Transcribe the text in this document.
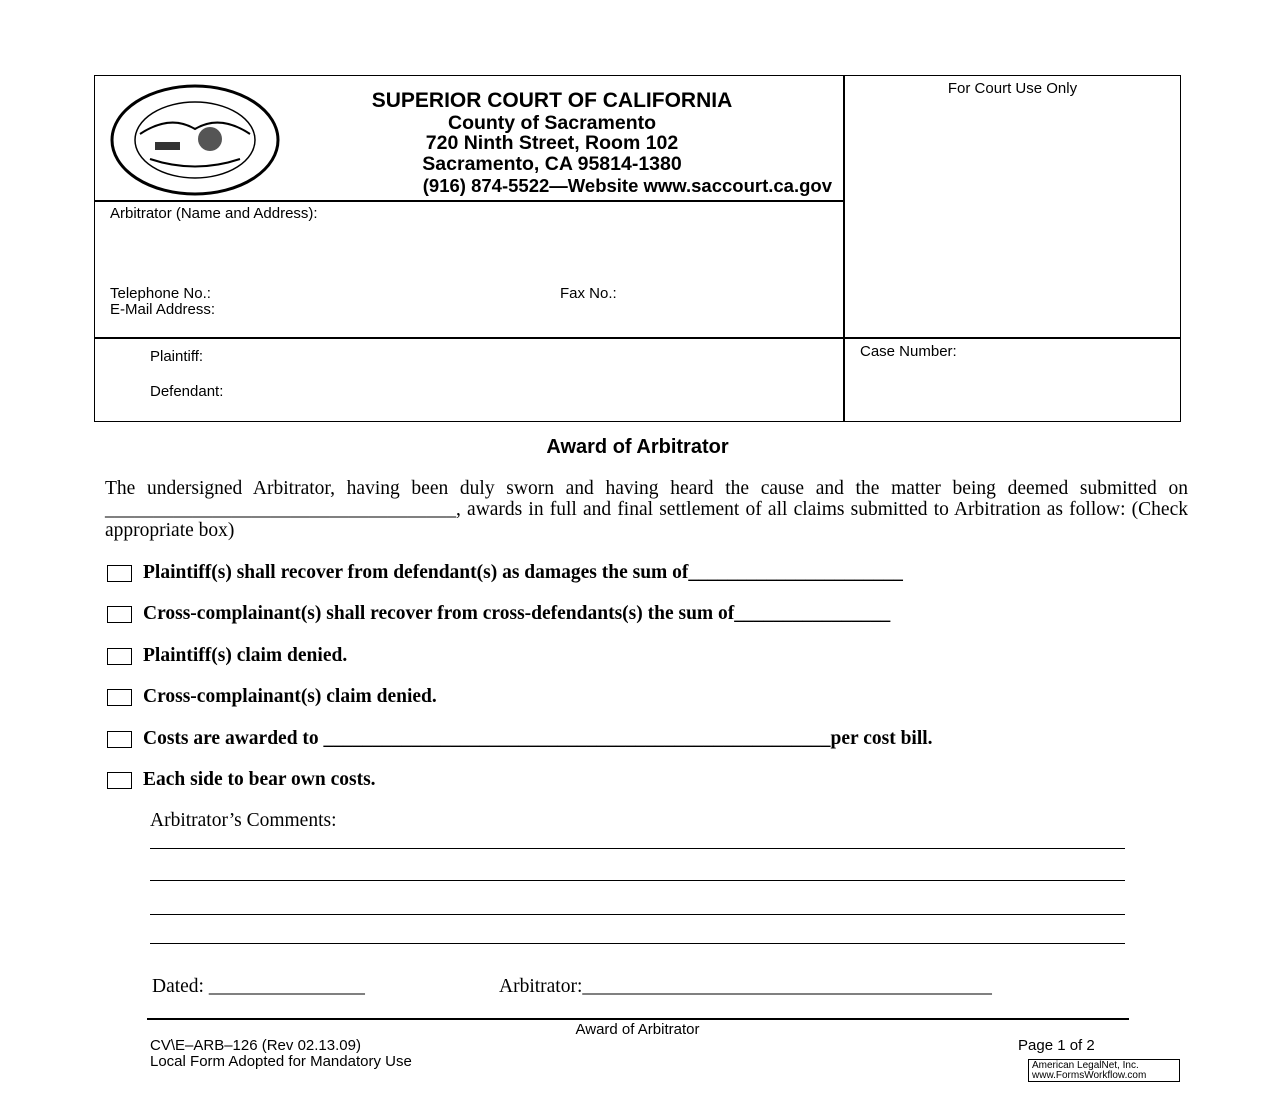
SUPERIOR COURT OF CALIFORNIA
County of Sacramento
720 Ninth Street, Room 102
Sacramento, CA 95814-1380
(916) 874-5522—Website www.saccourt.ca.gov
For Court Use Only
Arbitrator (Name and Address):
Telephone No.:	Fax No.:
E-Mail Address:
Plaintiff:
Defendant:
Case Number:
Award of Arbitrator
The undersigned Arbitrator, having been duly sworn and having heard the cause and the matter being deemed submitted on ____________________________________, awards in full and final settlement of all claims submitted to Arbitration as follow: (Check appropriate box)
Plaintiff(s) shall recover from defendant(s) as damages the sum of______________________
Cross-complainant(s) shall recover from cross-defendants(s) the sum of________________
Plaintiff(s) claim denied.
Cross-complainant(s) claim denied.
Costs are awarded to ____________________________________________________per cost bill.
Each side to bear own costs.
Arbitrator’s Comments:
Dated: ________________	Arbitrator:__________________________________________
Award of Arbitrator
CV\E–ARB–126 (Rev 02.13.09)
Local Form Adopted for Mandatory Use
Page 1 of 2
American LegalNet, Inc.
www.FormsWorkflow.com
